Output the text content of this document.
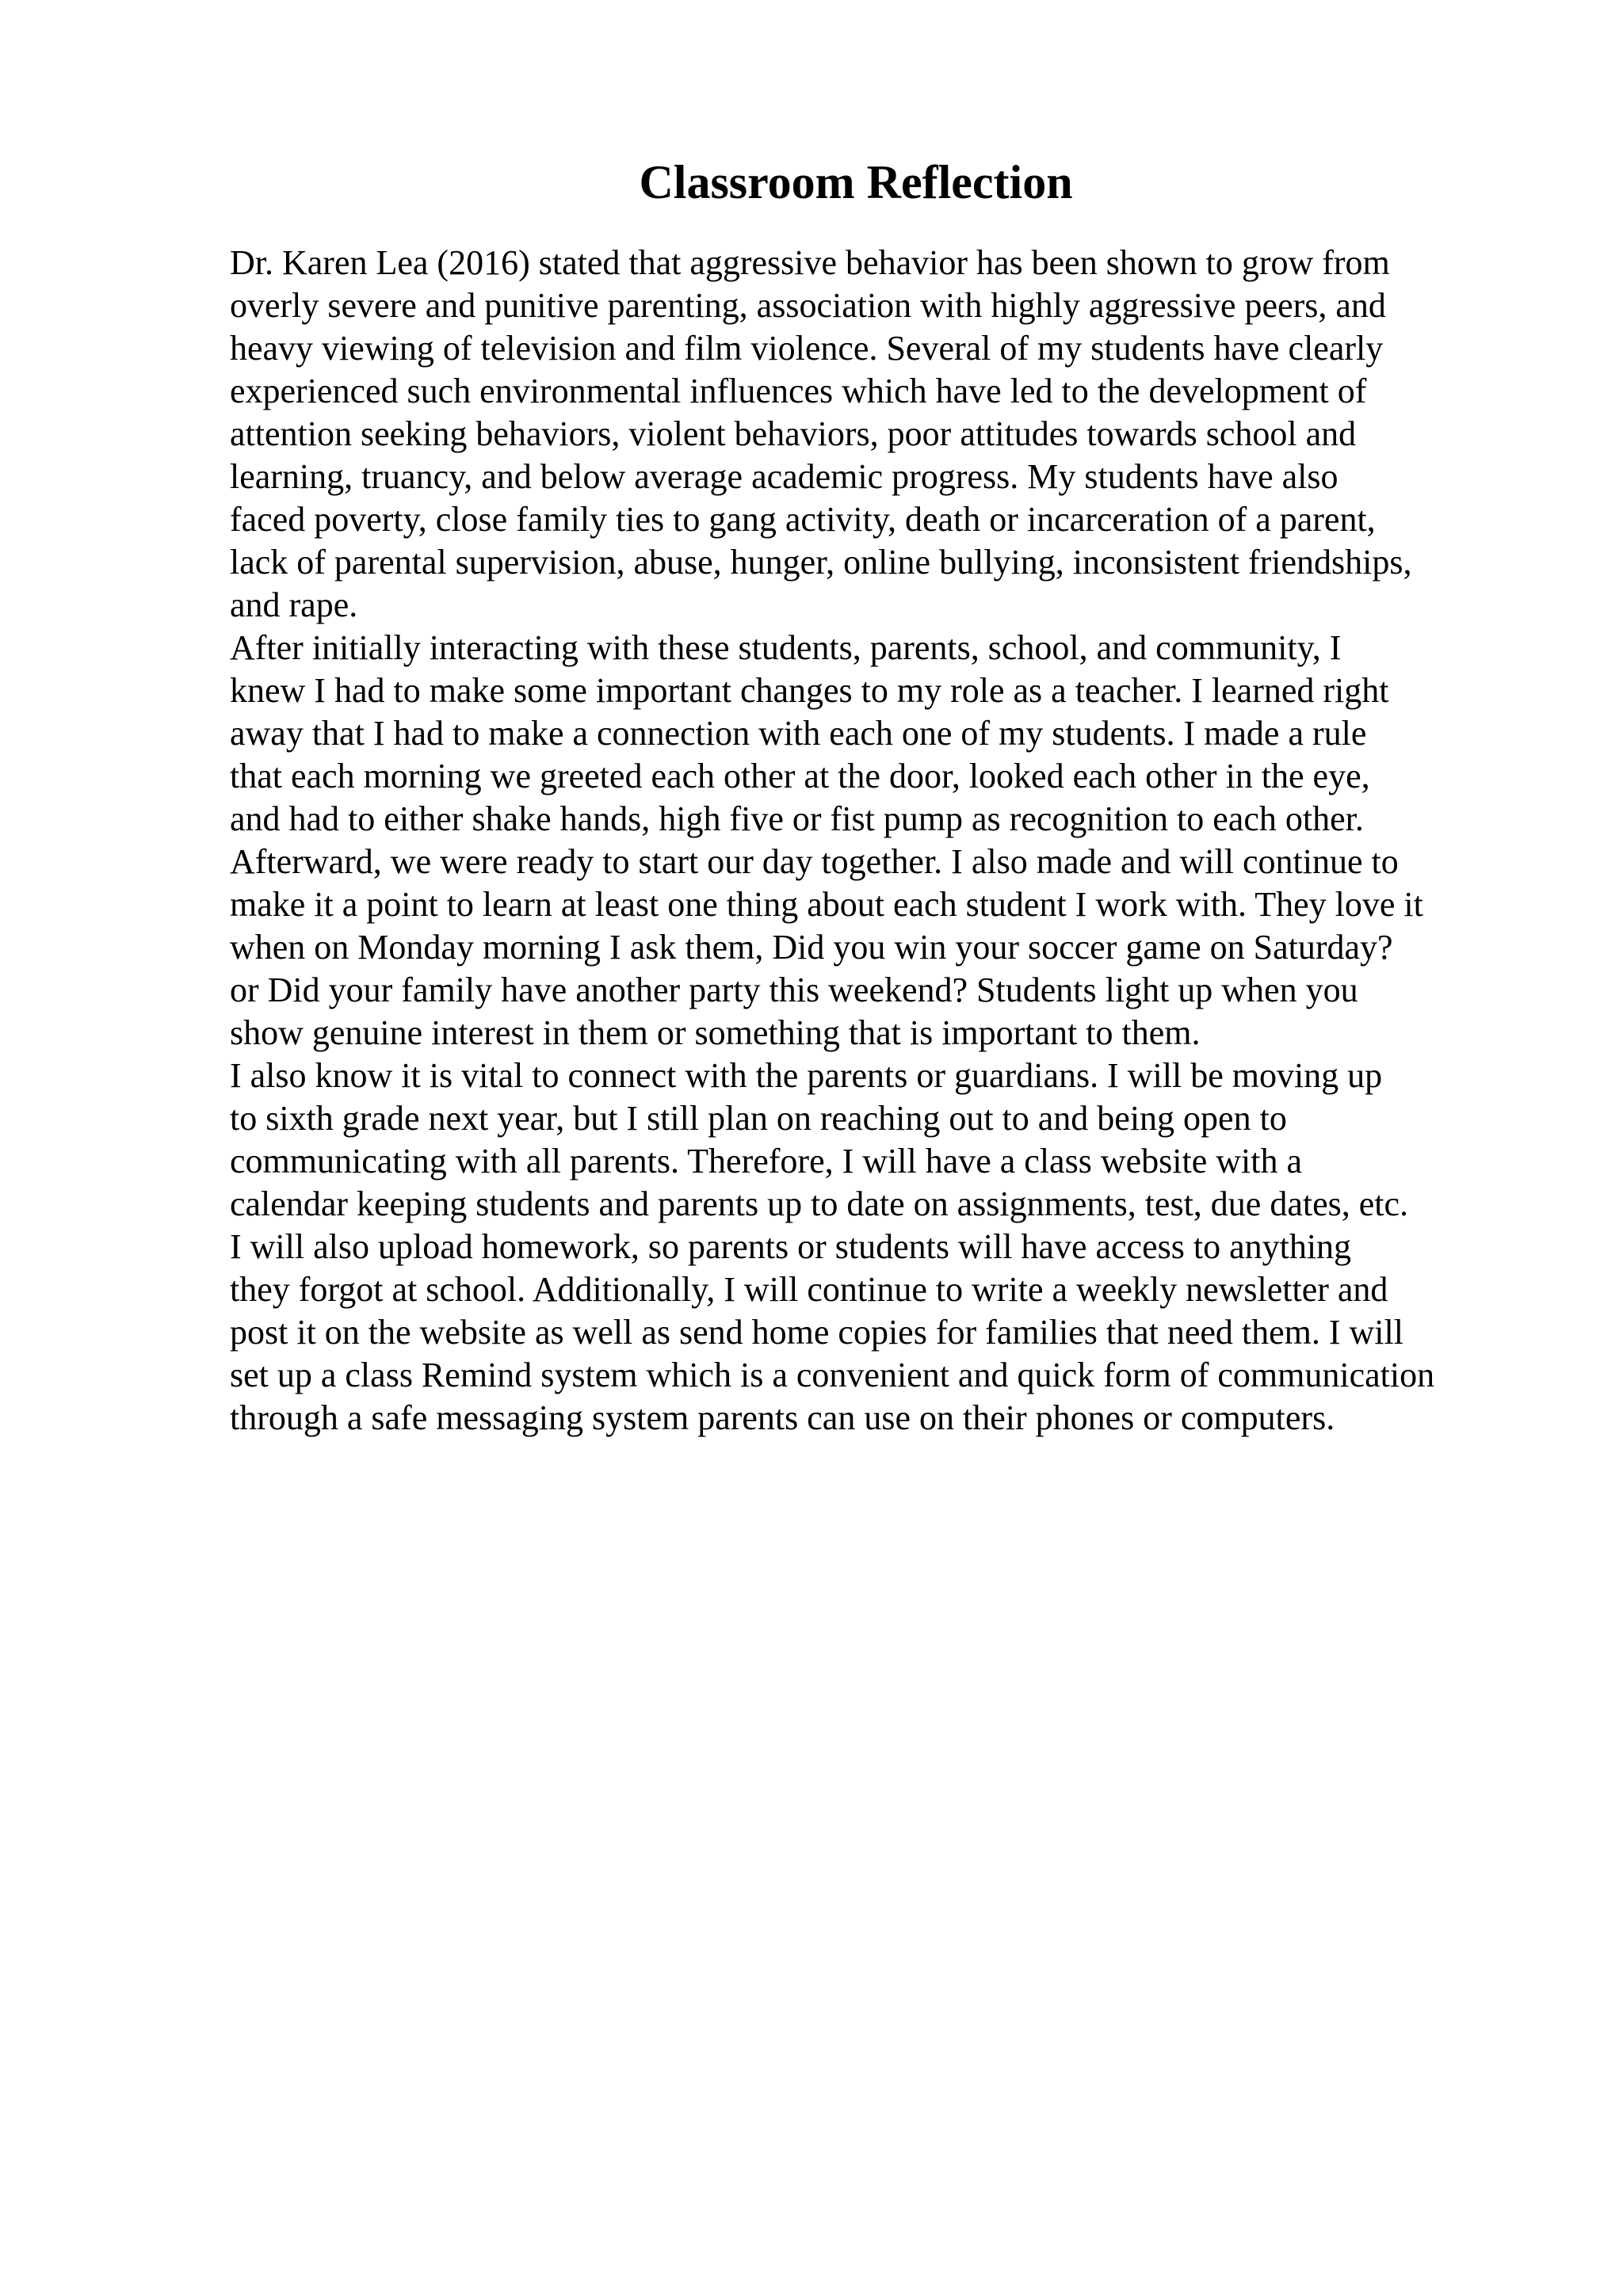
Classroom Reflection
Dr. Karen Lea (2016) stated that aggressive behavior has been shown to grow from
overly severe and punitive parenting, association with highly aggressive peers, and
heavy viewing of television and film violence. Several of my students have clearly
experienced such environmental influences which have led to the development of
attention seeking behaviors, violent behaviors, poor attitudes towards school and
learning, truancy, and below average academic progress. My students have also
faced poverty, close family ties to gang activity, death or incarceration of a parent,
lack of parental supervision, abuse, hunger, online bullying, inconsistent friendships,
and rape.
After initially interacting with these students, parents, school, and community, I
knew I had to make some important changes to my role as a teacher. I learned right
away that I had to make a connection with each one of my students. I made a rule
that each morning we greeted each other at the door, looked each other in the eye,
and had to either shake hands, high five or fist pump as recognition to each other.
Afterward, we were ready to start our day together. I also made and will continue to
make it a point to learn at least one thing about each student I work with. They love it
when on Monday morning I ask them, Did you win your soccer game on Saturday?
or Did your family have another party this weekend? Students light up when you
show genuine interest in them or something that is important to them.
I also know it is vital to connect with the parents or guardians. I will be moving up
to sixth grade next year, but I still plan on reaching out to and being open to
communicating with all parents. Therefore, I will have a class website with a
calendar keeping students and parents up to date on assignments, test, due dates, etc.
I will also upload homework, so parents or students will have access to anything
they forgot at school. Additionally, I will continue to write a weekly newsletter and
post it on the website as well as send home copies for families that need them. I will
set up a class Remind system which is a convenient and quick form of communication
through a safe messaging system parents can use on their phones or computers.
